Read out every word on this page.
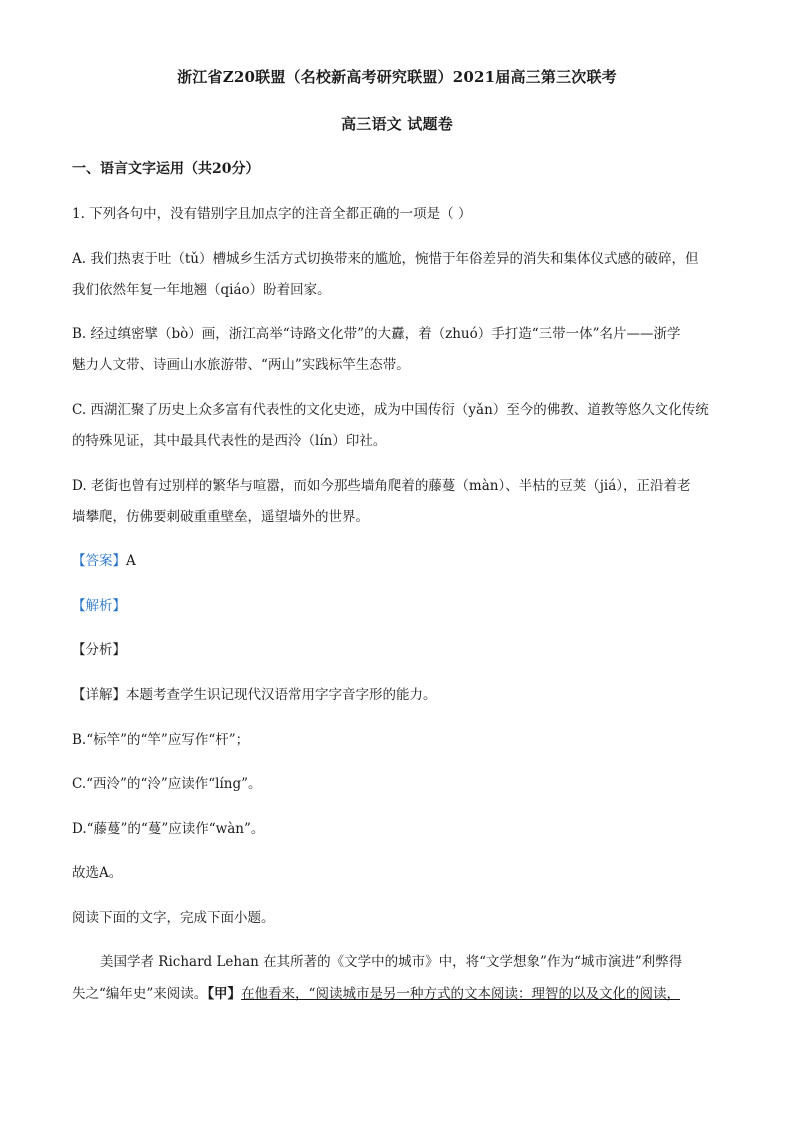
浙江省Z20联盟（名校新高考研究联盟）2021届高三第三次联考
高三语文 试题卷
一、语言文字运用（共20分）
1. 下列各句中，没有错别字且加点字的注音全都正确的一项是（ ）
A. 我们热衷于吐（tǔ）槽城乡生活方式切换带来的尴尬，惋惜于年俗差异的消失和集体仪式感的破碎，但
我们依然年复一年地翘（qiáo）盼着回家。
B. 经过缜密擘（bò）画，浙江高举“诗路文化带”的大纛，着（zhuó）手打造“三带一体”名片——浙学
魅力人文带、诗画山水旅游带、“两山”实践标竿生态带。
C. 西湖汇聚了历史上众多富有代表性的文化史迹，成为中国传衍（yǎn）至今的佛教、道教等悠久文化传统
的特殊见证，其中最具代表性的是西泠（lín）印社。
D. 老街也曾有过别样的繁华与喧嚣，而如今那些墙角爬着的藤蔓（màn）、半枯的豆荚（jiá），正沿着老
墙攀爬，仿佛要刺破重重壁垒，遥望墙外的世界。
【答案】A
【解析】
【分析】
【详解】本题考查学生识记现代汉语常用字字音字形的能力。
B.“标竿”的“竿”应写作“杆”；
C.“西泠”的“泠”应读作“líng”。
D.“藤蔓”的“蔓”应读作“wàn”。
故选A。
阅读下面的文字，完成下面小题。
美国学者 Richard Lehan 在其所著的《文学中的城市》中，将“文学想象”作为“城市演进”利弊得
失之“编年史”来阅读。【甲】在他看来，“阅读城市是另一种方式的文本阅读：理智的以及文化的阅读，
